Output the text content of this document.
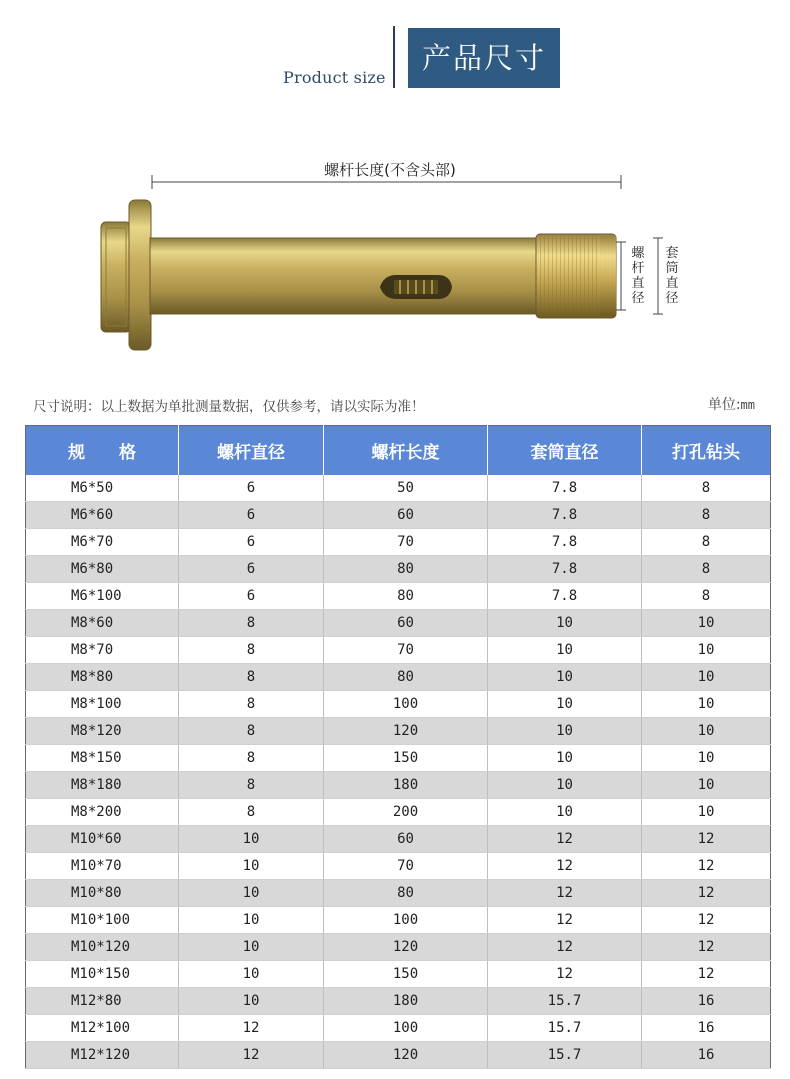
Product size
产品尺寸
螺杆长度(不含头部)
螺
杆
直
径
套
筒
直
径
尺寸说明：以上数据为单批测量数据，仅供参考，请以实际为准！	单位:mm
规　　格	螺杆直径	螺杆长度	套筒直径	打孔钻头
M6*50	6	50	7.8	8
M6*60	6	60	7.8	8
M6*70	6	70	7.8	8
M6*80	6	80	7.8	8
M6*100	6	80	7.8	8
M8*60	8	60	10	10
M8*70	8	70	10	10
M8*80	8	80	10	10
M8*100	8	100	10	10
M8*120	8	120	10	10
M8*150	8	150	10	10
M8*180	8	180	10	10
M8*200	8	200	10	10
M10*60	10	60	12	12
M10*70	10	70	12	12
M10*80	10	80	12	12
M10*100	10	100	12	12
M10*120	10	120	12	12
M10*150	10	150	12	12
M12*80	10	180	15.7	16
M12*100	12	100	15.7	16
M12*120	12	120	15.7	16
